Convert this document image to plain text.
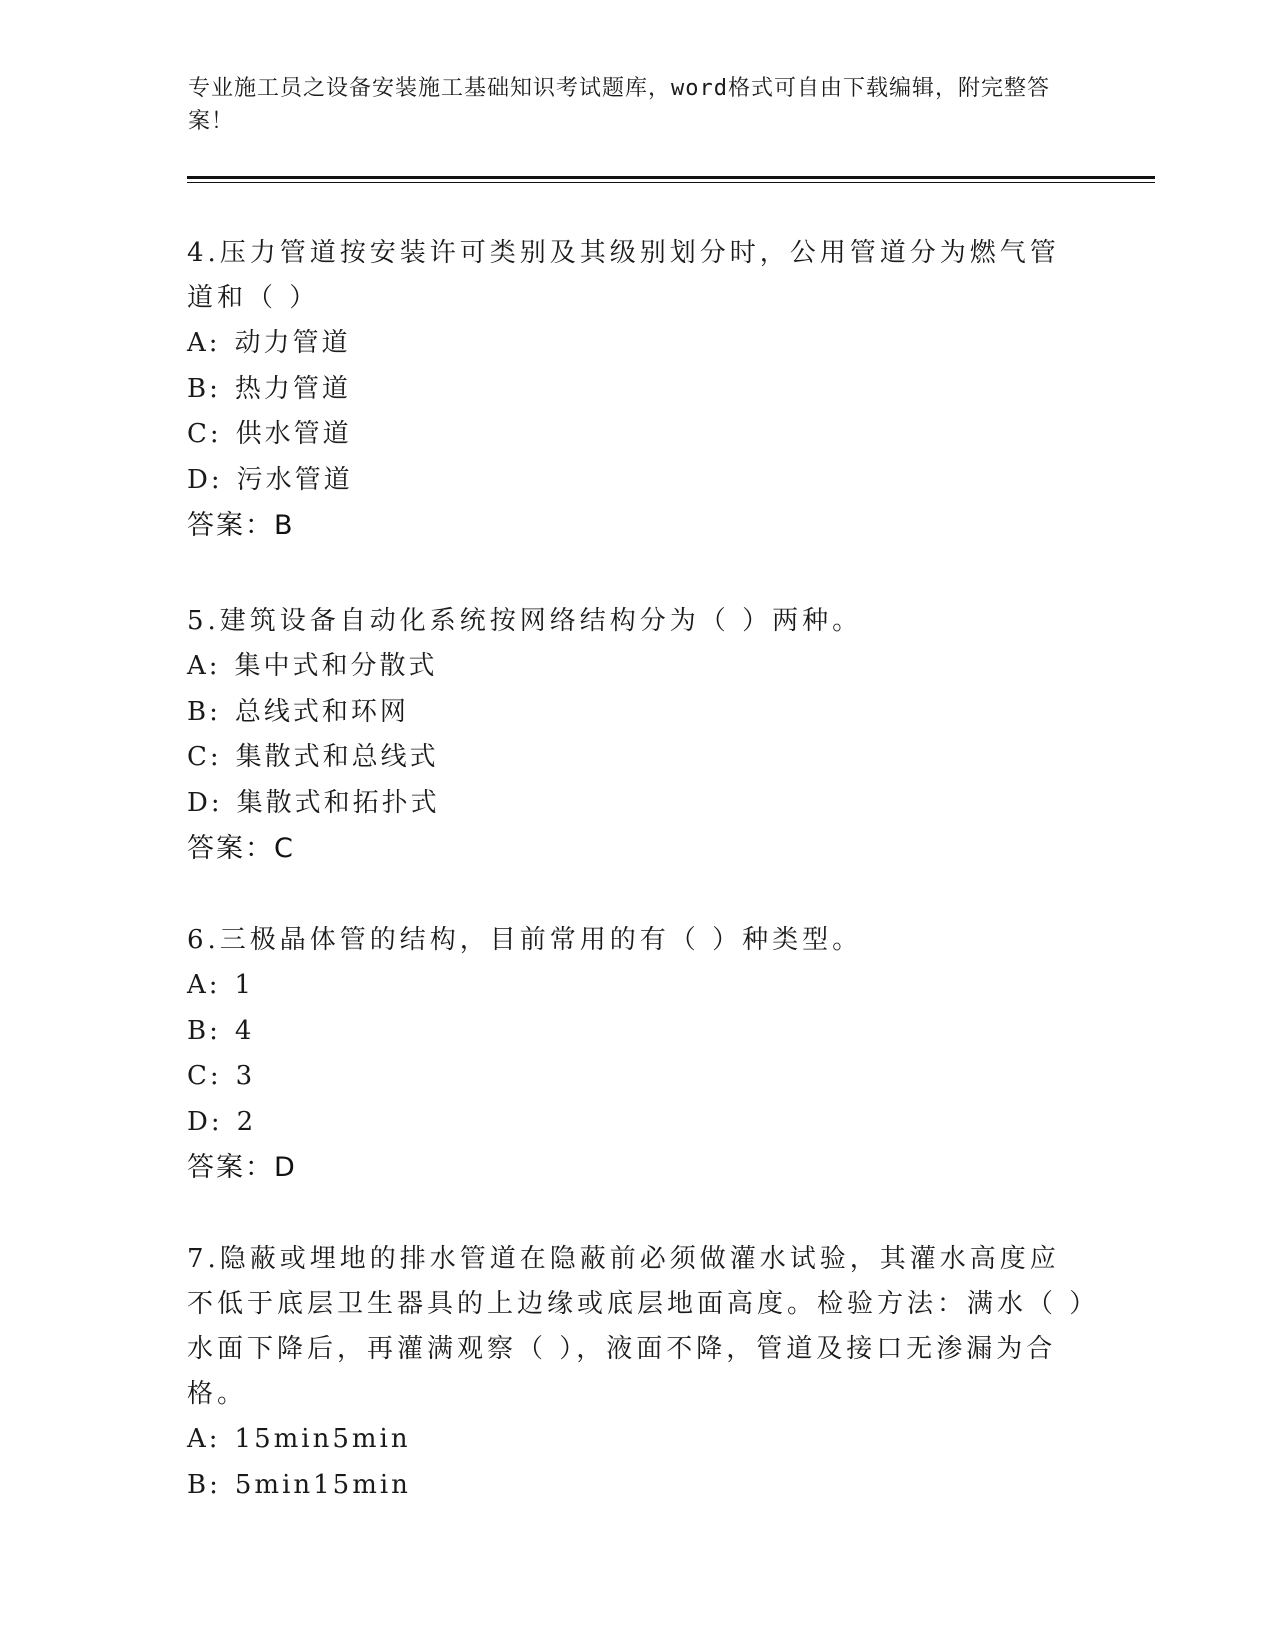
专业施工员之设备安装施工基础知识考试题库，word格式可自由下载编辑，附完整答案！

4.压力管道按安装许可类别及其级别划分时，公用管道分为燃气管道和（ ）

A: 动力管道
B: 热力管道
C: 供水管道
D: 污水管道
答案：B

5.建筑设备自动化系统按网络结构分为（ ）两种。

A: 集中式和分散式
B: 总线式和环网
C: 集散式和总线式
D: 集散式和拓扑式
答案：C

6.三极晶体管的结构，目前常用的有（ ）种类型。

A: 1
B: 4
C: 3
D: 2
答案：D

7.隐蔽或埋地的排水管道在隐蔽前必须做灌水试验，其灌水高度应不低于底层卫生器具的上边缘或底层地面高度。检验方法：满水（ ）水面下降后，再灌满观察（ ），液面不降，管道及接口无渗漏为合格。

A: 15min5min
B: 5min15min
